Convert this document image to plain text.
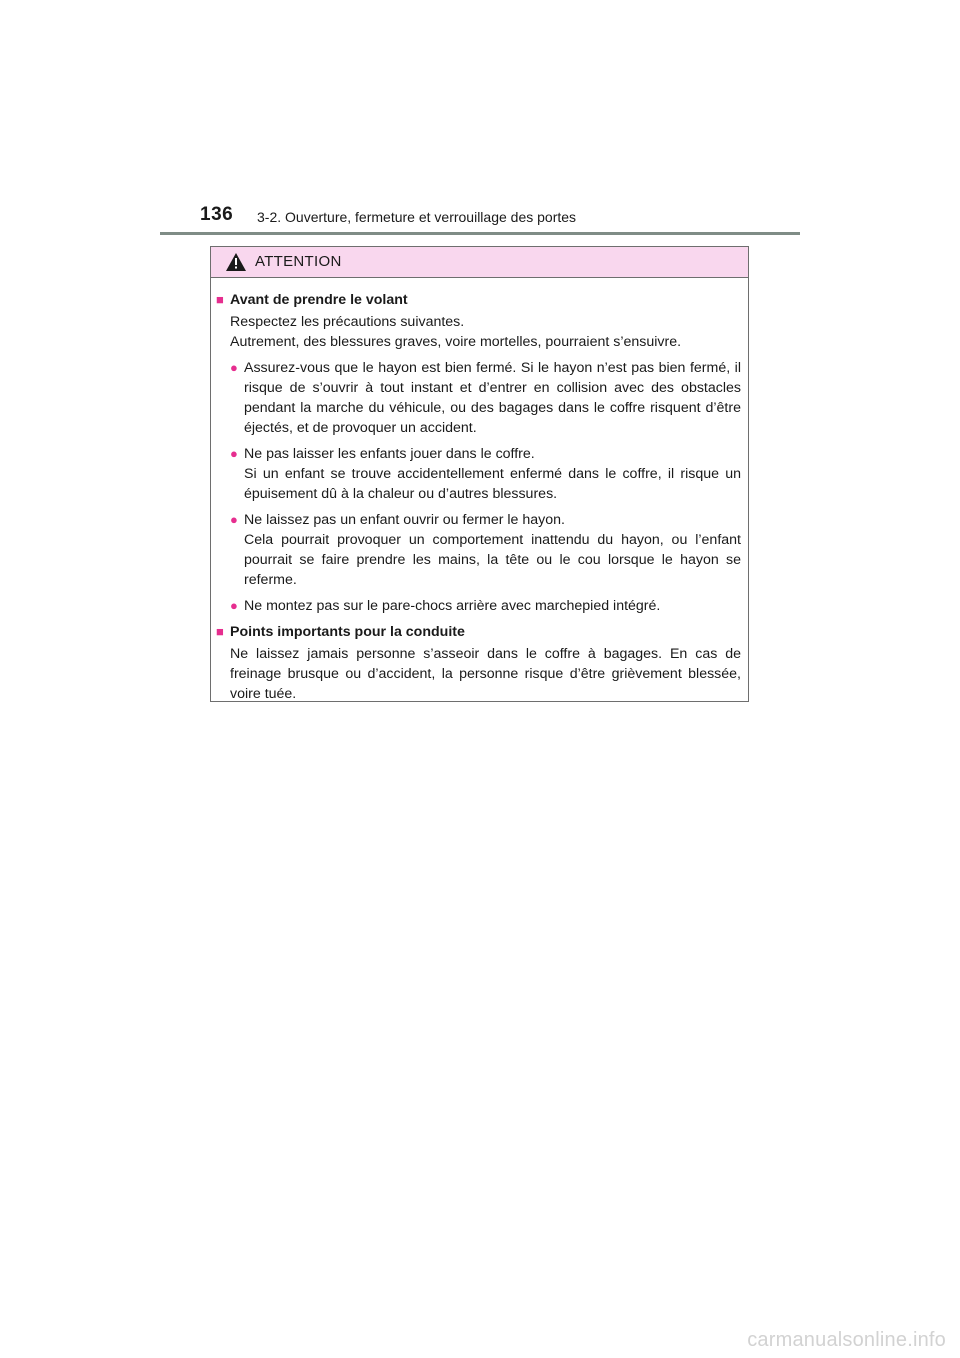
136 3-2. Ouverture, fermeture et verrouillage des portes
ATTENTION
■ Avant de prendre le volant

Respectez les précautions suivantes.

Autrement, des blessures graves, voire mortelles, pourraient s’ensuivre.

● Assurez-vous que le hayon est bien fermé. Si le hayon n’est pas bien fermé, il risque de s’ouvrir à tout instant et d’entrer en collision avec des obstacles pendant la marche du véhicule, ou des bagages dans le coffre risquent d’être éjectés, et de provoquer un accident.

● Ne pas laisser les enfants jouer dans le coffre.

Si un enfant se trouve accidentellement enfermé dans le coffre, il risque un épuisement dû à la chaleur ou d’autres blessures.

● Ne laissez pas un enfant ouvrir ou fermer le hayon.

Cela pourrait provoquer un comportement inattendu du hayon, ou l’enfant pourrait se faire prendre les mains, la tête ou le cou lorsque le hayon se referme.

● Ne montez pas sur le pare-chocs arrière avec marchepied intégré.

■ Points importants pour la conduite

Ne laissez jamais personne s’asseoir dans le coffre à bagages. En cas de freinage brusque ou d’accident, la personne risque d’être grièvement blessée, voire tuée.

carmanualsonline.info
